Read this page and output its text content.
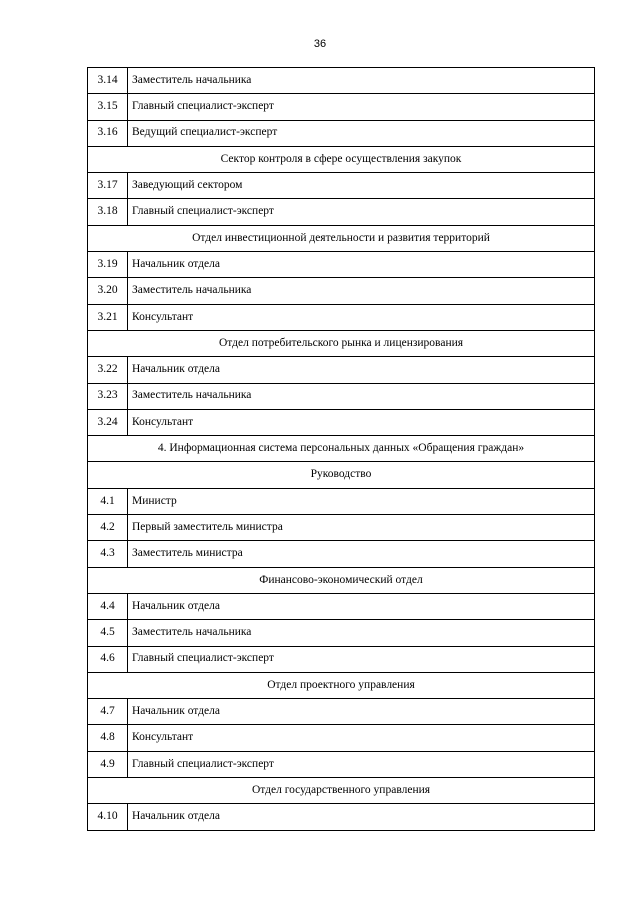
36
3.14	Заместитель начальника
3.15	Главный специалист-эксперт
3.16	Ведущий специалист-эксперт
Сектор контроля в сфере осуществления закупок	
3.17	Заведующий сектором
3.18	Главный специалист-эксперт
Отдел инвестиционной деятельности и развития территорий	
3.19	Начальник отдела
3.20	Заместитель начальника
3.21	Консультант
Отдел потребительского рынка и лицензирования	
3.22	Начальник отдела
3.23	Заместитель начальника
3.24	Консультант
4. Информационная система персональных данных «Обращения граждан»	
Руководство	
4.1	Министр
4.2	Первый заместитель министра
4.3	Заместитель министра
Финансово-экономический отдел	
4.4	Начальник отдела
4.5	Заместитель начальника
4.6	Главный специалист-эксперт
Отдел проектного управления	
4.7	Начальник отдела
4.8	Консультант
4.9	Главный специалист-эксперт
Отдел государственного управления	
4.10	Начальник отдела
